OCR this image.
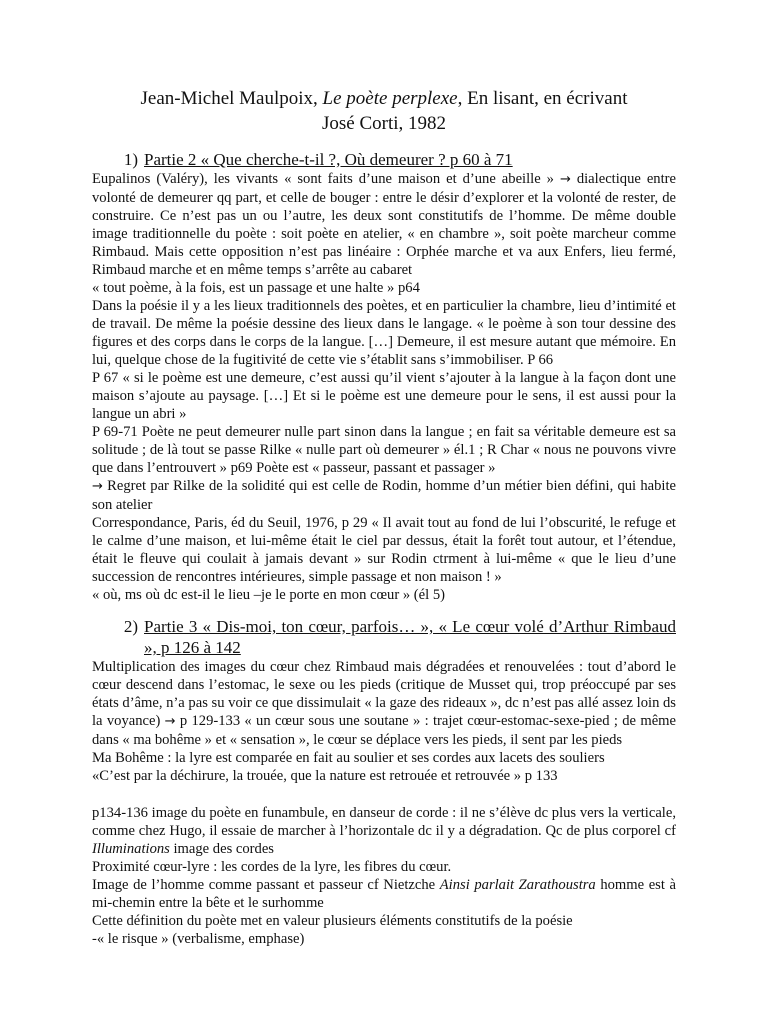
Jean-Michel Maulpoix, Le poète perplexe, En lisant, en écrivant
José Corti, 1982

1) Partie 2 « Que cherche-t-il ?, Où demeurer ? p 60 à 71

Eupalinos (Valéry), les vivants « sont faits d’une maison et d’une abeille » → dialectique entre volonté de demeurer qq part, et celle de bouger : entre le désir d’explorer et la volonté de rester, de construire. Ce n’est pas un ou l’autre, les deux sont constitutifs de l’homme. De même double image traditionnelle du poète : soit poète en atelier, « en chambre », soit poète marcheur comme Rimbaud. Mais cette opposition n’est pas linéaire : Orphée marche et va aux Enfers, lieu fermé, Rimbaud marche et en même temps s’arrête au cabaret

« tout poème, à la fois, est un passage et une halte » p64

Dans la poésie il y a les lieux traditionnels des poètes, et en particulier la chambre, lieu d’intimité et de travail. De même la poésie dessine des lieux dans le langage. « le poème à son tour dessine des figures et des corps dans le corps de la langue. […] Demeure, il est mesure autant que mémoire. En lui, quelque chose de la fugitivité de cette vie s’établit sans s’immobiliser. P 66

P 67 « si le poème est une demeure, c’est aussi qu’il vient s’ajouter à la langue à la façon dont une maison s’ajoute au paysage. […] Et si le poème est une demeure pour le sens, il est aussi pour la langue un abri »

P 69-71 Poète ne peut demeurer nulle part sinon dans la langue ; en fait sa véritable demeure est sa solitude ; de là tout se passe Rilke « nulle part où demeurer » él.1 ; R Char « nous ne pouvons vivre que dans l’entrouvert » p69 Poète est « passeur, passant et passager »

→ Regret par Rilke de la solidité qui est celle de Rodin, homme d’un métier bien défini, qui habite son atelier

Correspondance, Paris, éd du Seuil, 1976, p 29 « Il avait tout au fond de lui l’obscurité, le refuge et le calme d’une maison, et lui-même était le ciel par dessus, était la forêt tout autour, et l’étendue, était le fleuve qui coulait à jamais devant » sur Rodin ctrment à lui-même « que le lieu d’une succession de rencontres intérieures, simple passage et non maison ! »

« où, ms où dc est-il le lieu –je le porte en mon cœur » (él 5)

2) Partie 3 « Dis-moi, ton cœur, parfois… », « Le cœur volé d’Arthur Rimbaud », p 126 à 142

Multiplication des images du cœur chez Rimbaud mais dégradées et renouvelées : tout d’abord le cœur descend dans l’estomac, le sexe ou les pieds (critique de Musset qui, trop préoccupé par ses états d’âme, n’a pas su voir ce que dissimulait « la gaze des rideaux », dc n’est pas allé assez loin ds la voyance) → p 129-133 « un cœur sous une soutane » : trajet cœur-estomac-sexe-pied ; de même dans « ma bohême » et « sensation », le cœur se déplace vers les pieds, il sent par les pieds

Ma Bohême : la lyre est comparée en fait au soulier et ses cordes aux lacets des souliers

«C’est par la déchirure, la trouée, que la nature est retrouée et retrouvée » p 133

p134-136 image du poète en funambule, en danseur de corde : il ne s’élève dc plus vers la verticale, comme chez Hugo, il essaie de marcher à l’horizontale dc il y a dégradation. Qc de plus corporel cf Illuminations image des cordes

Proximité cœur-lyre : les cordes de la lyre, les fibres du cœur.

Image de l’homme comme passant et passeur cf Nietzche Ainsi parlait Zarathoustra homme est à mi-chemin entre la bête et le surhomme

Cette définition du poète met en valeur plusieurs éléments constitutifs de la poésie

-« le risque » (verbalisme, emphase)
